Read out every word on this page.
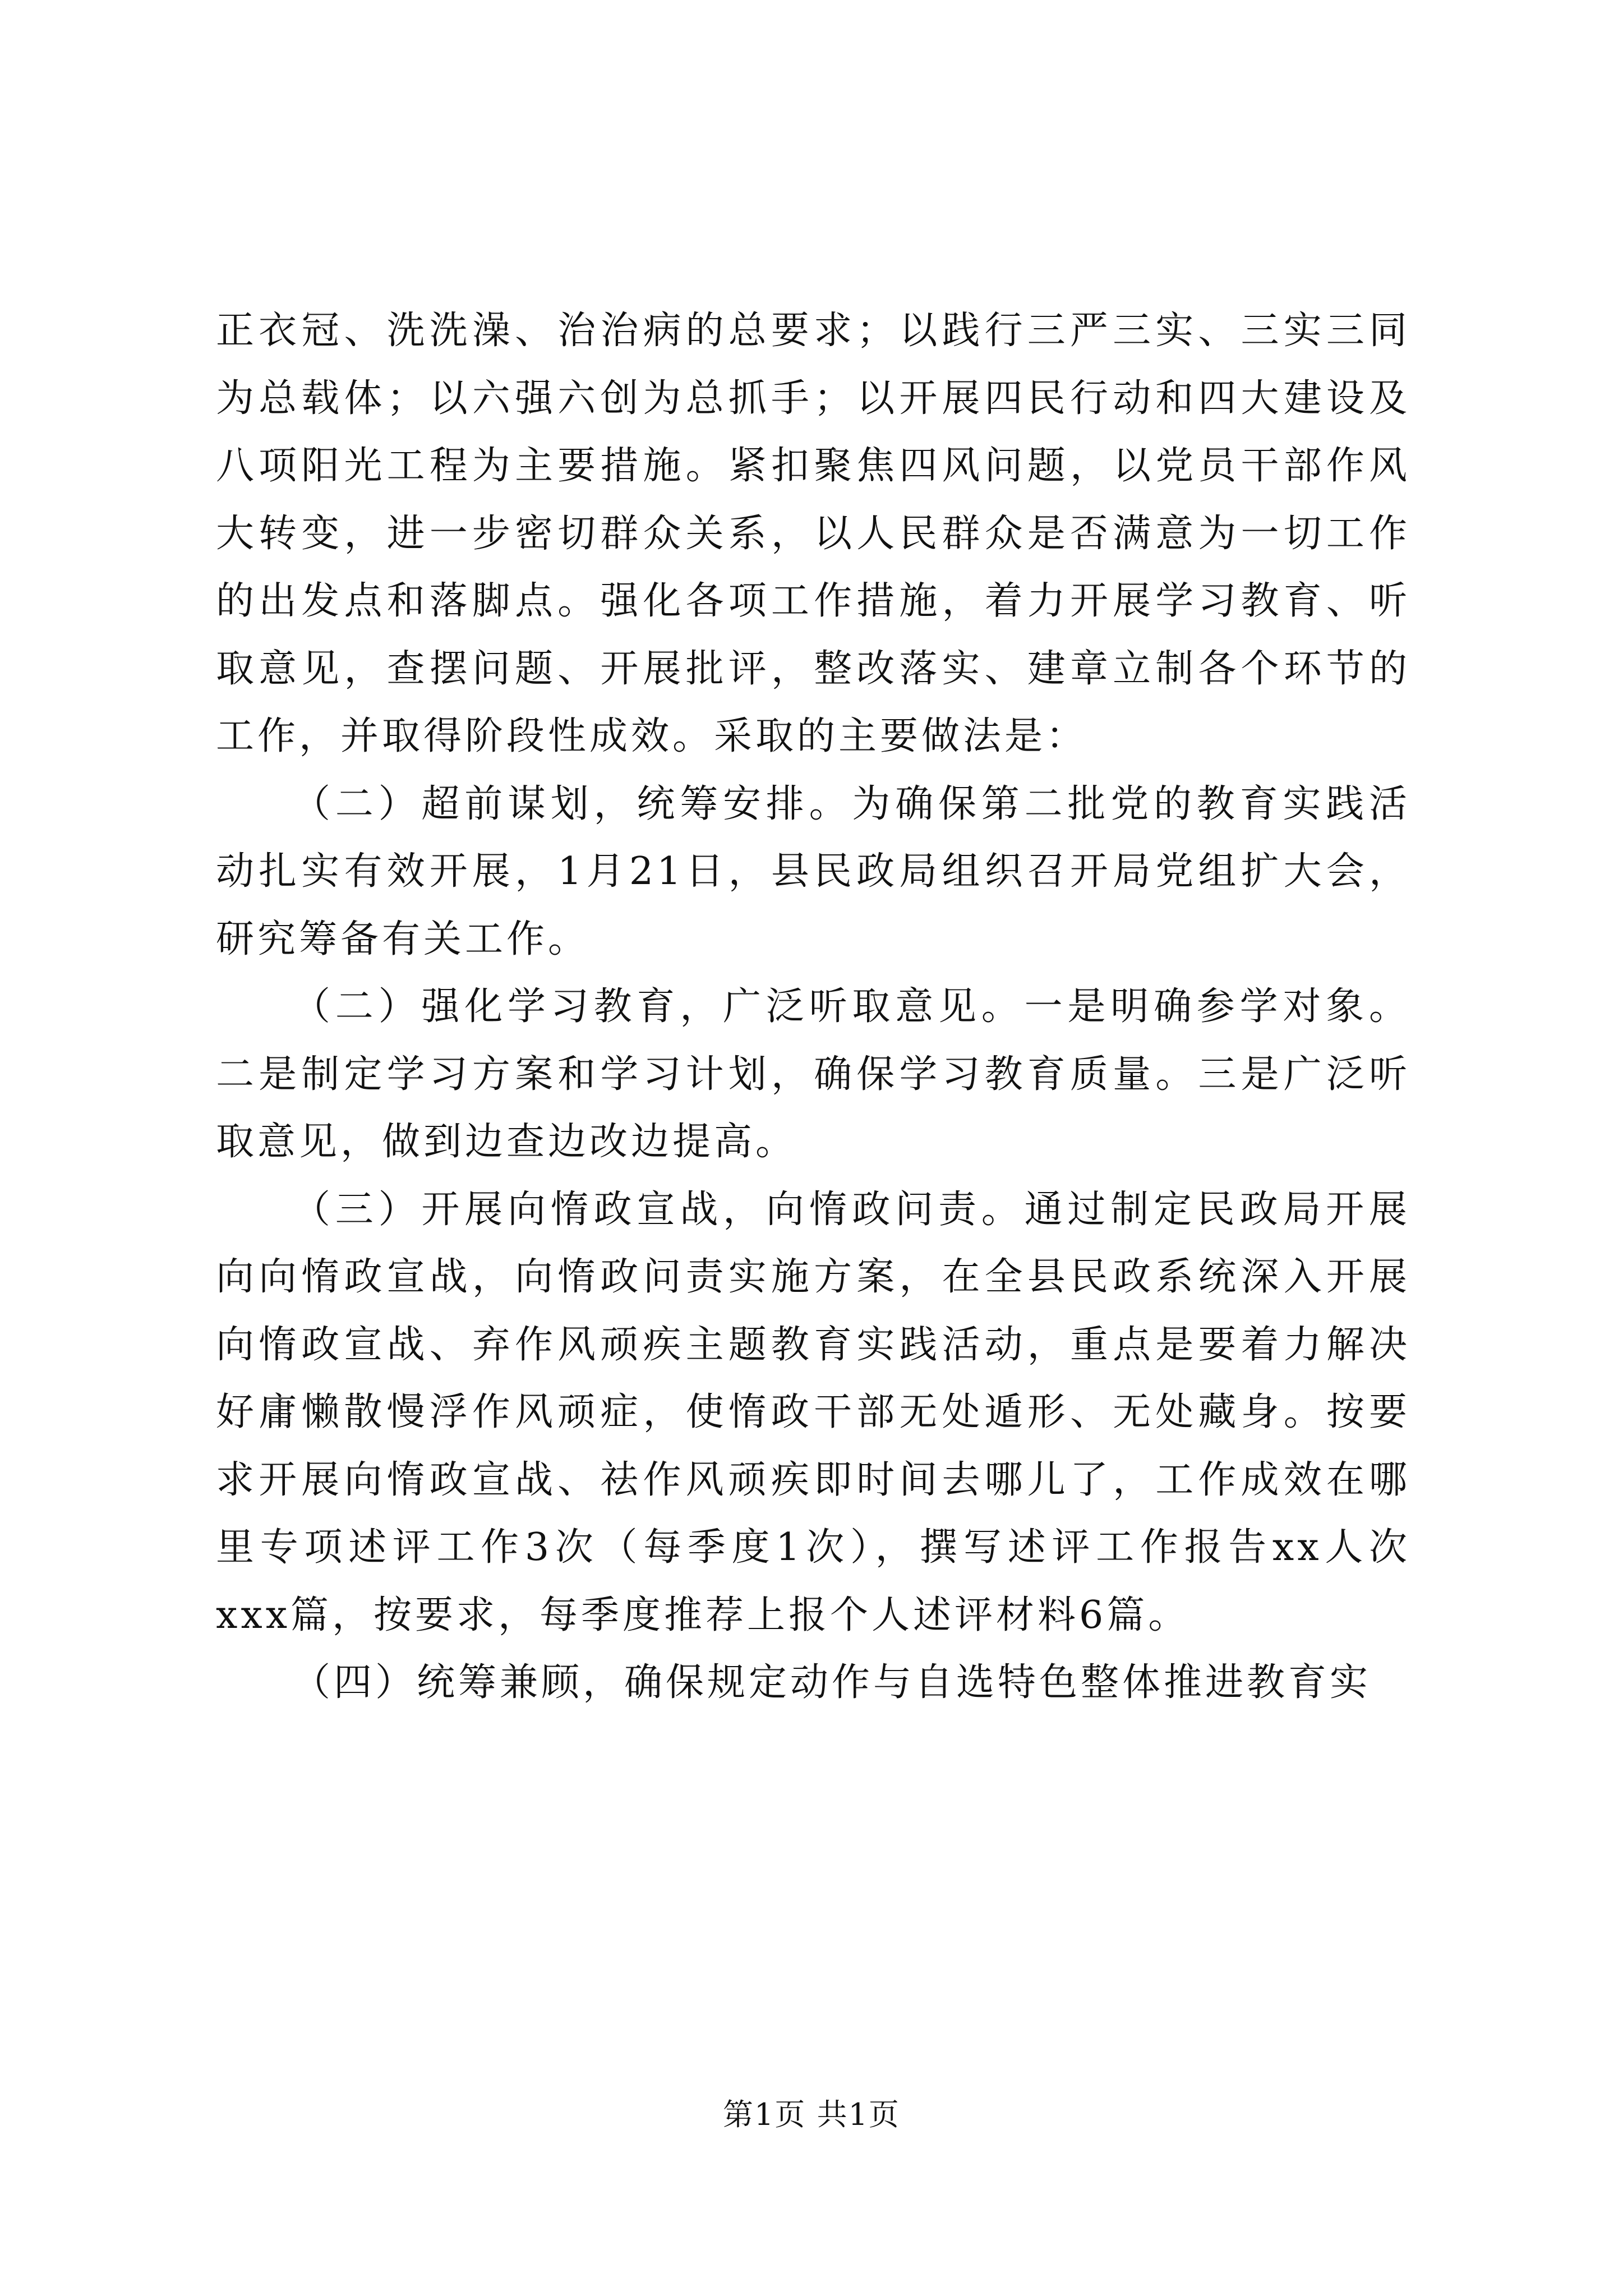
正衣冠、洗洗澡、治治病的总要求；以践行三严三实、三实三同为总载体；以六强六创为总抓手；以开展四民行动和四大建设及八项阳光工程为主要措施。紧扣聚焦四风问题，以党员干部作风大转变，进一步密切群众关系，以人民群众是否满意为一切工作的出发点和落脚点。强化各项工作措施，着力开展学习教育、听取意见，查摆问题、开展批评，整改落实、建章立制各个环节的工作，并取得阶段性成效。采取的主要做法是：

（二）超前谋划，统筹安排。为确保第二批党的教育实践活动扎实有效开展，1月21日，县民政局组织召开局党组扩大会，研究筹备有关工作。

（二）强化学习教育，广泛听取意见。一是明确参学对象。二是制定学习方案和学习计划，确保学习教育质量。三是广泛听取意见，做到边查边改边提高。

（三）开展向惰政宣战，向惰政问责。通过制定民政局开展向向惰政宣战，向惰政问责实施方案，在全县民政系统深入开展向惰政宣战、弃作风顽疾主题教育实践活动，重点是要着力解决好庸懒散慢浮作风顽症，使惰政干部无处遁形、无处藏身。按要求开展向惰政宣战、祛作风顽疾即时间去哪儿了，工作成效在哪里专项述评工作3次（每季度1次），撰写述评工作报告xx人次xxx篇，按要求，每季度推荐上报个人述评材料6篇。

（四）统筹兼顾，确保规定动作与自选特色整体推进教育实

第1页 共1页
